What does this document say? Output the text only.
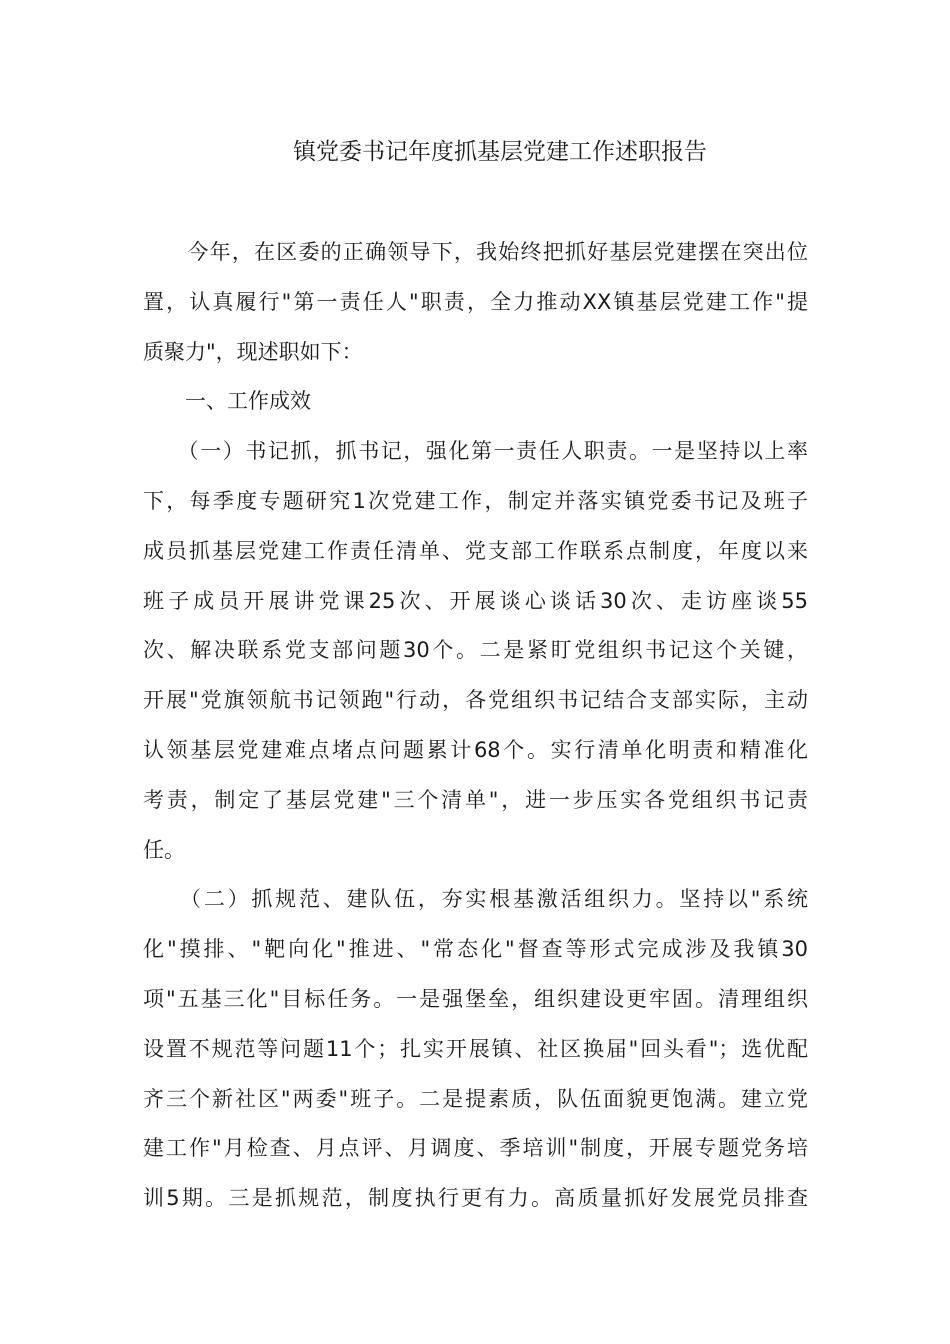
镇党委书记年度抓基层党建工作述职报告
　　今年，在区委的正确领导下，我始终把抓好基层党建摆在突出位
置，认真履行"第一责任人"职责，全力推动XX镇基层党建工作"提
质聚力"，现述职如下：
　　一、工作成效
　　（一）书记抓，抓书记，强化第一责任人职责。一是坚持以上率
下，每季度专题研究1次党建工作，制定并落实镇党委书记及班子
成员抓基层党建工作责任清单、党支部工作联系点制度，年度以来
班子成员开展讲党课25次、开展谈心谈话30次、走访座谈55
次、解决联系党支部问题30个。二是紧盯党组织书记这个关键，
开展"党旗领航书记领跑"行动，各党组织书记结合支部实际，主动
认领基层党建难点堵点问题累计68个。实行清单化明责和精准化
考责，制定了基层党建"三个清单"，进一步压实各党组织书记责
任。
　　（二）抓规范、建队伍，夯实根基激活组织力。坚持以"系统
化"摸排、"靶向化"推进、"常态化"督查等形式完成涉及我镇30
项"五基三化"目标任务。一是强堡垒，组织建设更牢固。清理组织
设置不规范等问题11个；扎实开展镇、社区换届"回头看"；选优配
齐三个新社区"两委"班子。二是提素质，队伍面貌更饱满。建立党
建工作"月检查、月点评、月调度、季培训"制度，开展专题党务培
训5期。三是抓规范，制度执行更有力。高质量抓好发展党员排查
